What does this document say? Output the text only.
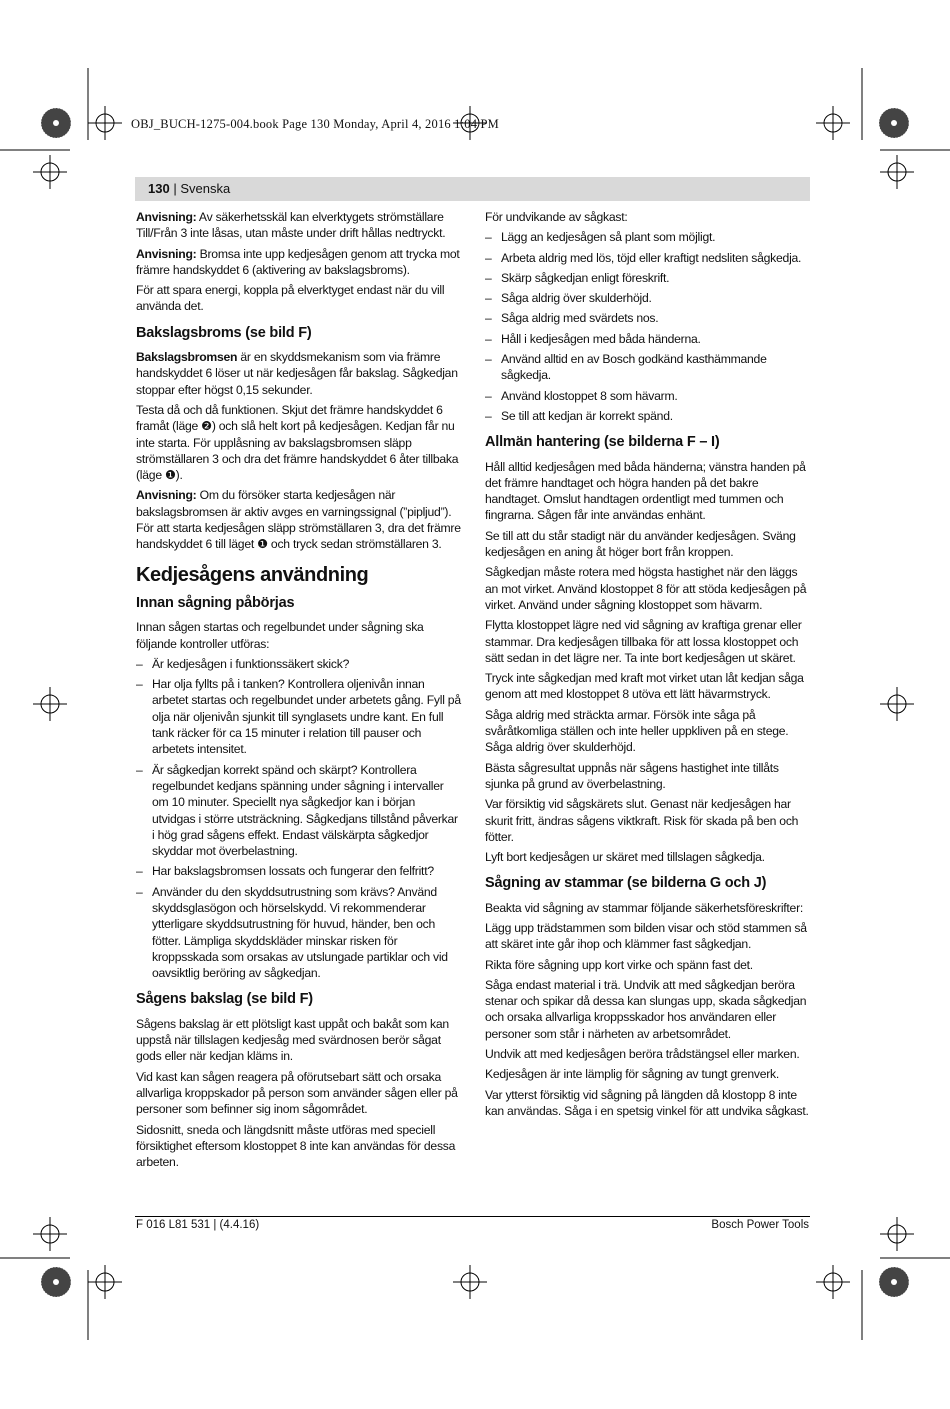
OBJ_BUCH-1275-004.book Page 130 Monday, April 4, 2016 1:04 PM
130 | Svenska

Anvisning: Av säkerhetsskäl kan elverktygets strömställare Till/Från 3 inte låsas, utan måste under drift hållas nedtryckt.

Anvisning: Bromsa inte upp kedjesågen genom att trycka mot främre handskyddet 6 (aktivering av bakslagsbroms).

För att spara energi, koppla på elverktyget endast när du vill använda det.

Bakslagsbroms (se bild F)

Bakslagsbromsen är en skyddsmekanism som via främre handskyddet 6 löser ut när kedjesågen får bakslag. Sågkedjan stoppar efter högst 0,15 sekunder.

Testa då och då funktionen. Skjut det främre handskyddet 6 framåt (läge ❷) och slå helt kort på kedjesågen. Kedjan får nu inte starta. För upplåsning av bakslagsbromsen släpp strömställaren 3 och dra det främre handskyddet 6 åter tillbaka (läge ❶).

Anvisning: Om du försöker starta kedjesågen när bakslagsbromsen är aktiv avges en varningssignal (”pipljud”). För att starta kedjesågen släpp strömställaren 3, dra det främre handskyddet 6 till läget ❶ och tryck sedan strömställaren 3.

Kedjesågens användning
Innan sågning påbörjas

Innan sågen startas och regelbundet under sågning ska följande kontroller utföras:

– Är kedjesågen i funktionssäkert skick?
– Har olja fyllts på i tanken? Kontrollera oljenivån innan arbetet startas och regelbundet under arbetets gång. Fyll på olja när oljenivån sjunkit till synglasets undre kant. En full tank räcker för ca 15 minuter i relation till pauser och arbetets intensitet.
– Är sågkedjan korrekt spänd och skärpt? Kontrollera regelbundet kedjans spänning under sågning i intervaller om 10 minuter. Speciellt nya sågkedjor kan i början utvidgas i större utsträckning. Sågkedjans tillstånd påverkar i hög grad sågens effekt. Endast välskärpta sågkedjor skyddar mot överbelastning.
– Har bakslagsbromsen lossats och fungerar den felfritt?
– Använder du den skyddsutrustning som krävs? Använd skyddsglasögon och hörselskydd. Vi rekommenderar ytterligare skyddsutrustning för huvud, händer, ben och fötter. Lämpliga skyddskläder minskar risken för kroppsskada som orsakas av utslungade partiklar och vid oavsiktlig beröring av sågkedjan.
Sågens bakslag (se bild F)

Sågens bakslag är ett plötsligt kast uppåt och bakåt som kan uppstå när tillslagen kedjesåg med svärdnosen berör sågat gods eller när kedjan kläms in.

Vid kast kan sågen reagera på oförutsebart sätt och orsaka allvarliga kroppskador på person som använder sågen eller på personer som befinner sig inom sågområdet.

Sidosnitt, sneda och längdsnitt måste utföras med speciell försiktighet eftersom klostoppet 8 inte kan användas för dessa arbeten.

För undvikande av sågkast:

– Lägg an kedjesågen så plant som möjligt.
– Arbeta aldrig med lös, töjd eller kraftigt nedsliten sågkedja.
– Skärp sågkedjan enligt föreskrift.
– Såga aldrig över skulderhöjd.
– Såga aldrig med svärdets nos.
– Håll i kedjesågen med båda händerna.
– Använd alltid en av Bosch godkänd kasthämmande sågkedja.
– Använd klostoppet 8 som hävarm.
– Se till att kedjan är korrekt spänd.
Allmän hantering (se bilderna F – I)

Håll alltid kedjesågen med båda händerna; vänstra handen på det främre handtaget och högra handen på det bakre handtaget. Omslut handtagen ordentligt med tummen och fingrarna. Sågen får inte användas enhänt.

Se till att du står stadigt när du använder kedjesågen. Sväng kedjesågen en aning åt höger bort från kroppen.

Sågkedjan måste rotera med högsta hastighet när den läggs an mot virket. Använd klostoppet 8 för att stöda kedjesågen på virket. Använd under sågning klostoppet som hävarm.

Flytta klostoppet lägre ned vid sågning av kraftiga grenar eller stammar. Dra kedjesågen tillbaka för att lossa klostoppet och sätt sedan in det lägre ner. Ta inte bort kedjesågen ut skäret.

Tryck inte sågkedjan med kraft mot virket utan låt kedjan såga genom att med klostoppet 8 utöva ett lätt hävarmstryck.

Såga aldrig med sträckta armar. Försök inte såga på svåråtkomliga ställen och inte heller uppkliven på en stege. Såga aldrig över skulderhöjd.

Bästa sågresultat uppnås när sågens hastighet inte tillåts sjunka på grund av överbelastning.

Var försiktig vid sågskärets slut. Genast när kedjesågen har skurit fritt, ändras sågens viktkraft. Risk för skada på ben och fötter.

Lyft bort kedjesågen ur skäret med tillslagen sågkedja.

Sågning av stammar (se bilderna G och J)

Beakta vid sågning av stammar följande säkerhetsföreskrifter:

Lägg upp trädstammen som bilden visar och stöd stammen så att skäret inte går ihop och klämmer fast sågkedjan.

Rikta före sågning upp kort virke och spänn fast det.

Såga endast material i trä. Undvik att med sågkedjan beröra stenar och spikar då dessa kan slungas upp, skada sågkedjan och orsaka allvarliga kroppsskador hos användaren eller personer som står i närheten av arbetsområdet.

Undvik att med kedjesågen beröra trådstängsel eller marken.

Kedjesågen är inte lämplig för sågning av tungt grenverk.

Var ytterst försiktig vid sågning på längden då klostopp 8 inte kan användas. Såga i en spetsig vinkel för att undvika sågkast.

F 016 L81 531 | (4.4.16)	Bosch Power Tools
